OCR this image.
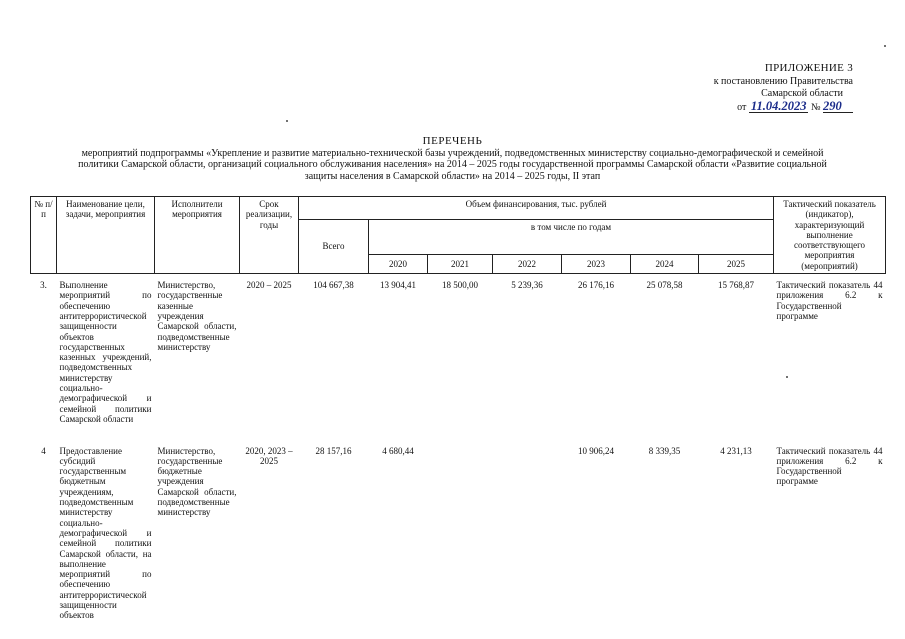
ПРИЛОЖЕНИЕ 3
к постановлению Правительства
Самарской области
от 11.04.2023 № 290
ПЕРЕЧЕНЬ
мероприятий подпрограммы «Укрепление и развитие материально-технической базы учреждений, подведомственных министерству социально-демографической и семейной
политики Самарской области, организаций социального обслуживания населения» на 2014 – 2025 годы государственной программы Самарской области «Развитие социальной
защиты населения в Самарской области» на 2014 – 2025 годы, II этап
№ п/п	Наименование цели, задачи, мероприятия	Исполнители мероприятия	Срок реализации, годы	Объем финансирования, тыс. рублей							Тактический показатель (индикатор), характеризующий выполнение соответствующего мероприятия (мероприятий)
				Всего	в том числе по годам						
					2020	2021	2022	2023	2024	2025	
3.	Выполнение мероприятий по обеспечению антитеррористической защищенности объектов государственных казенных учреждений, подведомственных министерству социально-демографической и семейной политики Самарской области	Министерство, государственные казенные учреждения Самарской области, подведомственные министерству	2020 – 2025	104 667,38	13 904,41	18 500,00	5 239,36	26 176,16	25 078,58	15 768,87	Тактический показатель 44 приложения 6.2 к Государственной программе
4	Предоставление субсидий государственным бюджетным учреждениям, подведомственным министерству социально-демографической и семейной политики Самарской области, на выполнение мероприятий по обеспечению антитеррористической защищенности объектов	Министерство, государственные бюджетные учреждения Самарской области, подведомственные министерству	2020, 2023 – 2025	28 157,16	4 680,44			10 906,24	8 339,35	4 231,13	Тактический показатель 44 приложения 6.2 к Государственной программе
